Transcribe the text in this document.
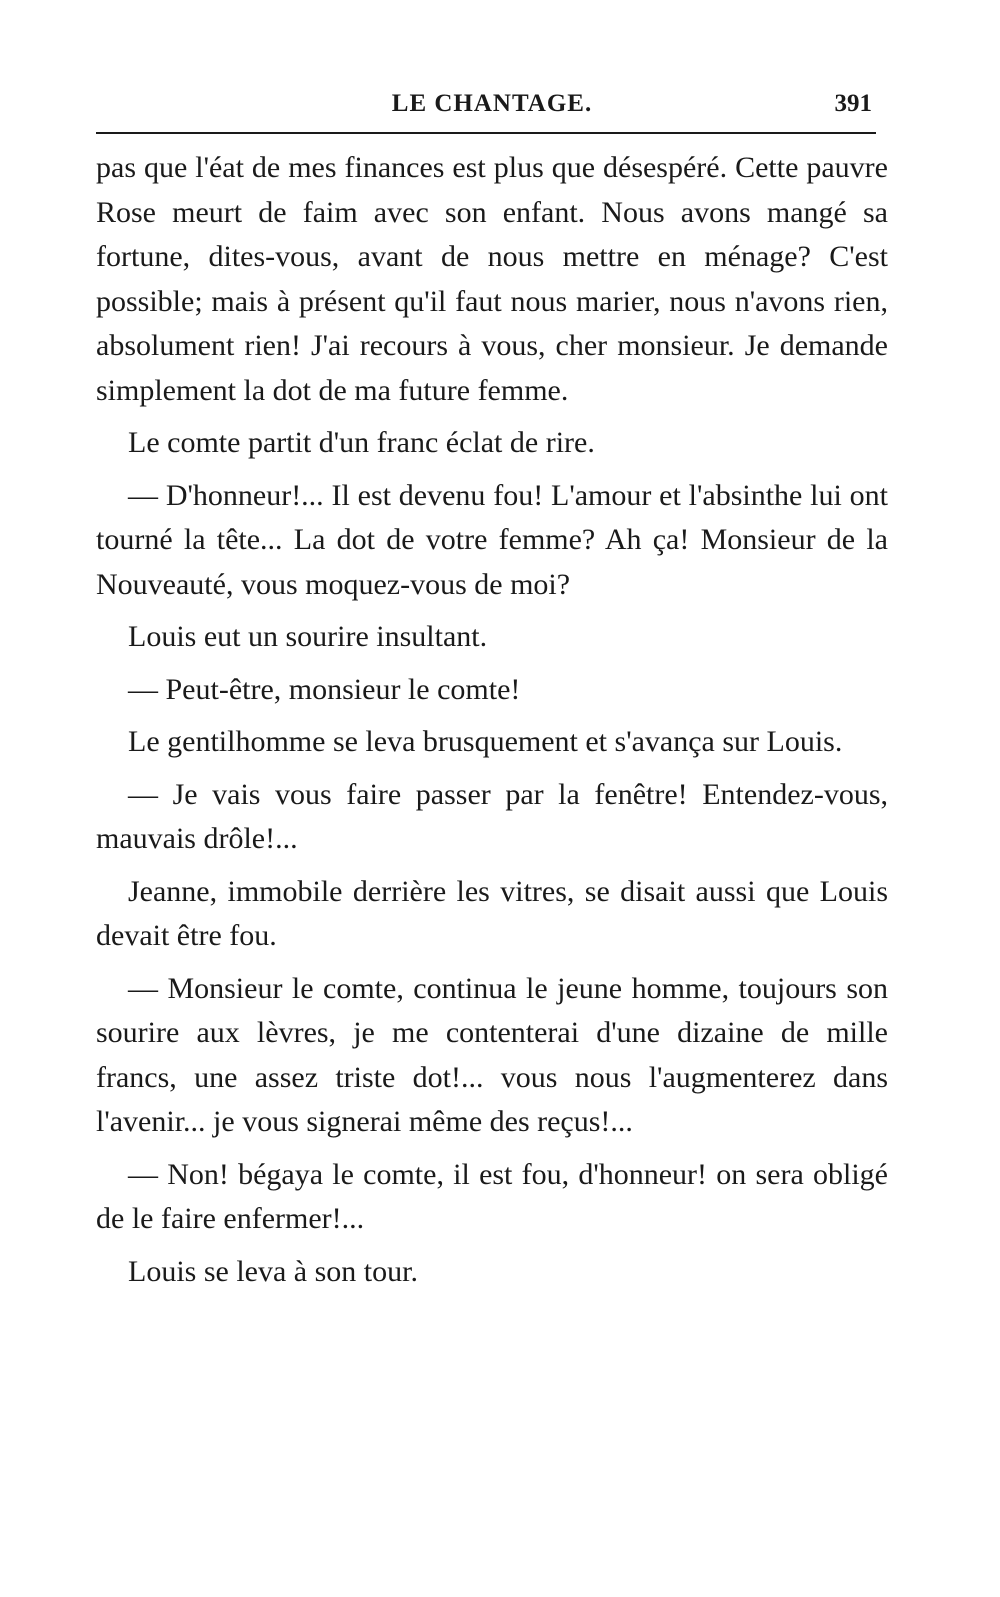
LE CHANTAGE.	391

pas que l'éat de mes finances est plus que désespéré. Cette pauvre Rose meurt de faim avec son enfant. Nous avons mangé sa fortune, dites-vous, avant de nous mettre en ménage? C'est possible; mais à présent qu'il faut nous marier, nous n'avons rien, absolument rien! J'ai recours à vous, cher monsieur. Je demande simplement la dot de ma future femme.

Le comte partit d'un franc éclat de rire.

— D'honneur!... Il est devenu fou! L'amour et l'absinthe lui ont tourné la tête... La dot de votre femme? Ah ça! Monsieur de la Nouveauté, vous moquez-vous de moi?

Louis eut un sourire insultant.

— Peut-être, monsieur le comte!

Le gentilhomme se leva brusquement et s'avança sur Louis.

— Je vais vous faire passer par la fenêtre! Entendez-vous, mauvais drôle!...

Jeanne, immobile derrière les vitres, se disait aussi que Louis devait être fou.

— Monsieur le comte, continua le jeune homme, toujours son sourire aux lèvres, je me contenterai d'une dizaine de mille francs, une assez triste dot!... vous nous l'augmenterez dans l'avenir... je vous signerai même des reçus!...

— Non! bégaya le comte, il est fou, d'honneur! on sera obligé de le faire enfermer!...

Louis se leva à son tour.
